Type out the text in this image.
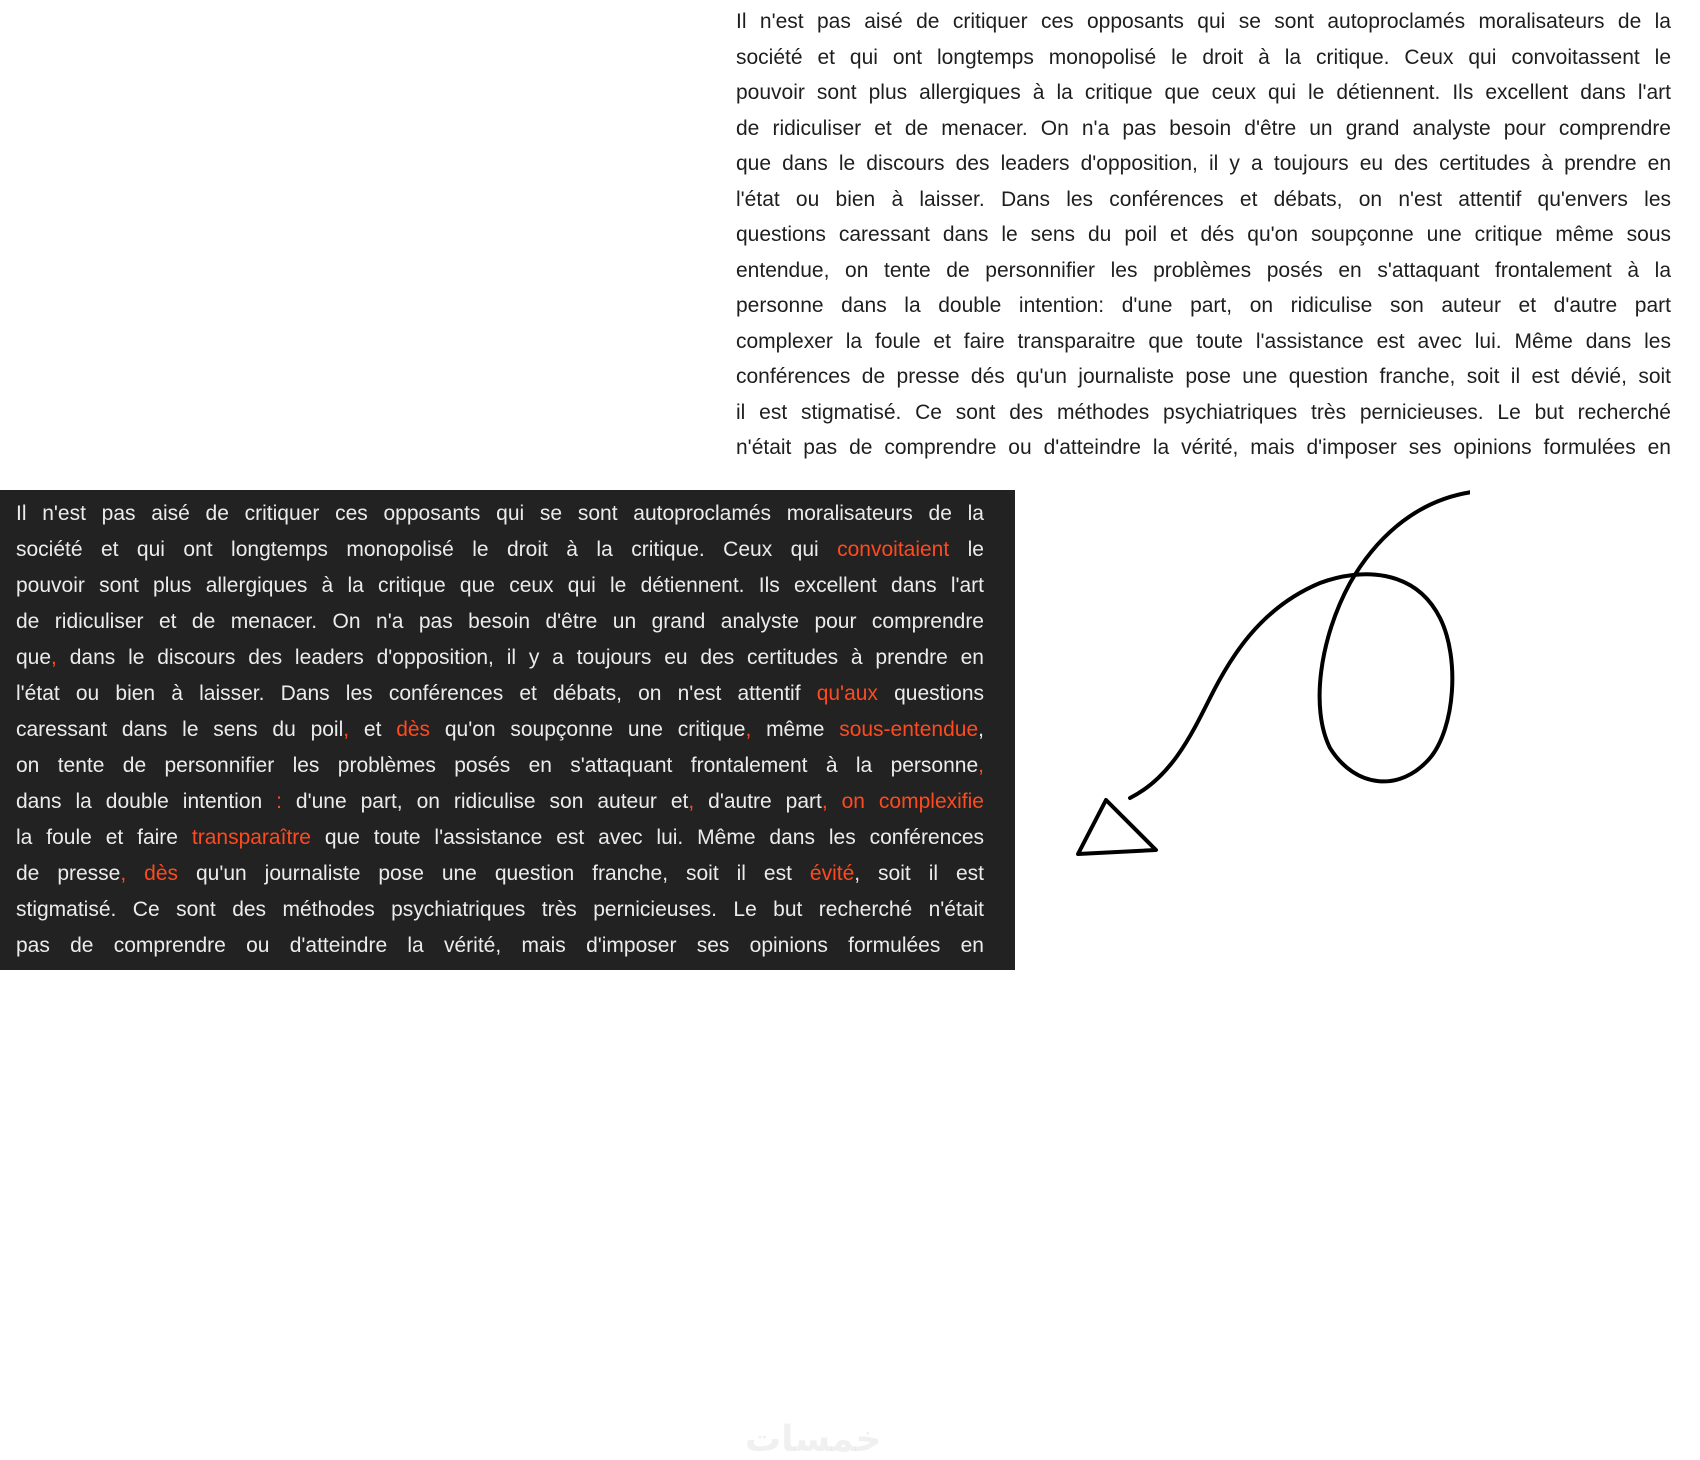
Il n'est pas aisé de critiquer ces opposants qui se sont autoproclamés moralisateurs de la
société et qui ont longtemps monopolisé le droit à la critique. Ceux qui convoitassent le
pouvoir sont plus allergiques à la critique que ceux qui le détiennent. Ils excellent dans l'art
de ridiculiser et de menacer. On n'a pas besoin d'être un grand analyste pour comprendre
que dans le discours des leaders d'opposition, il y a toujours eu des certitudes à prendre en
l'état ou bien à laisser. Dans les conférences et débats, on n'est attentif qu'envers les
questions caressant dans le sens du poil et dés qu'on soupçonne une critique même sous
entendue, on tente de personnifier les problèmes posés en s'attaquant frontalement à la
personne dans la double intention: d'une part, on ridiculise son auteur et d'autre part
complexer la foule et faire transparaitre que toute l'assistance est avec lui. Même dans les
conférences de presse dés qu'un journaliste pose une question franche, soit il est dévié, soit
il est stigmatisé. Ce sont des méthodes psychiatriques très pernicieuses. Le but recherché
n'était pas de comprendre ou d'atteindre la vérité, mais d'imposer ses opinions formulées en
Il n'est pas aisé de critiquer ces opposants qui se sont autoproclamés moralisateurs de la
société et qui ont longtemps monopolisé le droit à la critique. Ceux qui convoitaient le
pouvoir sont plus allergiques à la critique que ceux qui le détiennent. Ils excellent dans l'art
de ridiculiser et de menacer. On n'a pas besoin d'être un grand analyste pour comprendre
que, dans le discours des leaders d'opposition, il y a toujours eu des certitudes à prendre en
l'état ou bien à laisser. Dans les conférences et débats, on n'est attentif qu'aux questions
caressant dans le sens du poil, et dès qu'on soupçonne une critique, même sous-entendue,
on tente de personnifier les problèmes posés en s'attaquant frontalement à la personne,
dans la double intention : d'une part, on ridiculise son auteur et, d'autre part, on complexifie
la foule et faire transparaître que toute l'assistance est avec lui. Même dans les conférences
de presse, dès qu'un journaliste pose une question franche, soit il est évité, soit il est
stigmatisé. Ce sont des méthodes psychiatriques très pernicieuses. Le but recherché n'était
pas de comprendre ou d'atteindre la vérité, mais d'imposer ses opinions formulées en
خمسات
